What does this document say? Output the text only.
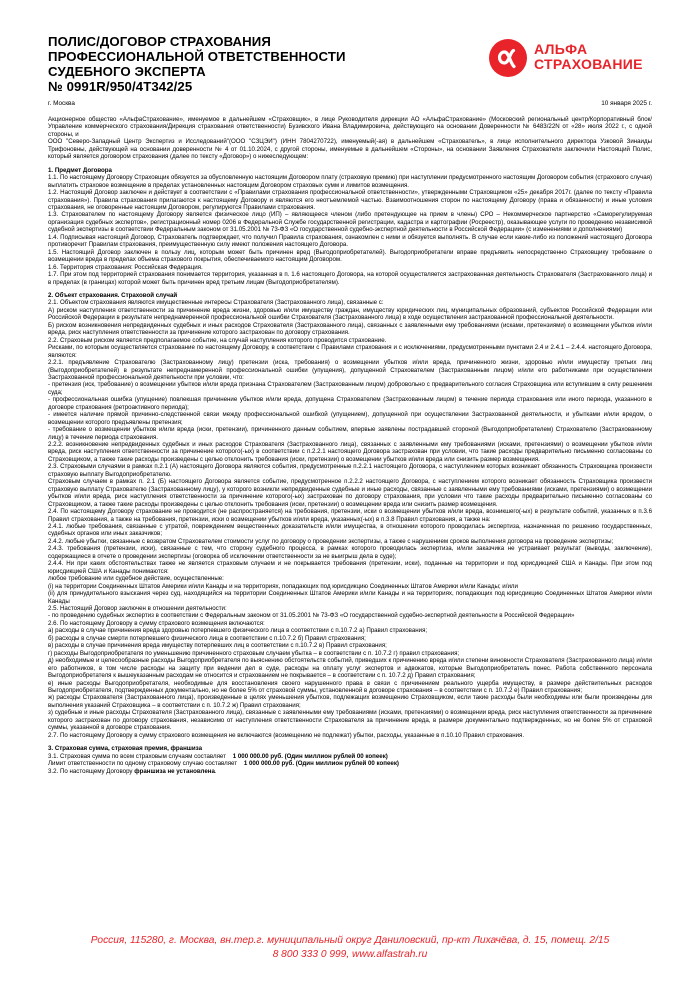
ПОЛИС/ДОГОВОР СТРАХОВАНИЯ
ПРОФЕССИОНАЛЬНОЙ ОТВЕТСТВЕННОСТИ
СУДЕБНОГО ЭКСПЕРТА
№ 0991R/950/4T342/25
АЛЬФА
СТРАХОВАНИЕ
г. Москва	10 января 2025 г.

Акционерное общество «АльфаСтрахование», именуемое в дальнейшем «Страховщик», в лице Руководителя дирекции АО «АльфаСтрахование» (Московский региональный центр/Корпоративный блок/Управление коммерческого страхования/Дирекция страхования ответственности) Бузивского Ивана Владимировича, действующего на основании Доверенности № 6483/22N от «28» июля 2022 г., с одной стороны, и

ООО "Северо-Западный Центр Экспертиз и Исследований"(ООО "СЗЦЭИ") (ИНН 7804270722), именуемый(-ая) в дальнейшем «Страхователь», в лице исполнительного директора Узковой Зинаиды Трифоновны, действующей на основании доверенности № 4 от 01.10.2024, с другой стороны, именуемые в дальнейшем «Стороны», на основании Заявления Страхователя заключили Настоящий Полис, который является договором страхования (далее по тексту «Договор») о нижеследующем:

1. Предмет Договора

1.1. По настоящему Договору Страховщик обязуется за обусловленную настоящим Договором плату (страховую премию) при наступлении предусмотренного настоящим Договором события (страхового случая) выплатить страховое возмещение в пределах установленных настоящим Договором страховых сумм и лимитов возмещения.

1.2. Настоящий Договор заключен и действует в соответствии с «Правилами страхования профессиональной ответственности», утвержденными Страховщиком «25» декабря 2017г. (далее по тексту «Правила страхования»). Правила страхования прилагаются к настоящему Договору и являются его неотъемлемой частью. Взаимоотношения сторон по настоящему Договору (права и обязанности) и иные условия страхования, не оговоренные настоящим Договором, регулируются Правилами страхования.

1.3. Страхователем по настоящему Договору является физическое лицо (ИП) – являющееся членом (либо претендующее на прием в члены) СРО – Некоммерческое партнерство «Саморегулируемая организация судебных экспертов», регистрационный номер 0206 в Федеральной Службе государственной регистрации, кадастра и картографии (Росреестр), оказывающее услуги по проведению независимой судебной экспертизы в соответствии Федеральным законом от 31.05.2001 № 73-ФЗ «О государственной судебно-экспертной деятельности в Российской Федерации» (с изменениями и дополнениями)

1.4. Подписывая настоящий Договор, Страхователь подтверждает, что получил Правила страхования, ознакомлен с ними и обязуется выполнять. В случае если какие-либо из положений настоящего Договора противоречит Правилам страхования, преимущественную силу имеют положения настоящего Договора.

1.5. Настоящий Договор заключен в пользу лиц, которым может быть причинен вред (Выгодоприобретателей). Выгодоприобретатели вправе предъявить непосредственно Страховщику требование о возмещении вреда в пределах объема страхового покрытия, обеспечиваемого настоящим Договором.

1.6. Территория страхования: Российская Федерация.

1.7. При этом под территорией страхования понимается территория, указанная в п. 1.6 настоящего Договора, на которой осуществляется застрахованная деятельность Страхователя (Застрахованного лица) и в пределах (в границах) которой может быть причинен вред третьим лицам (Выгодоприобретателям).

2. Объект страхования. Страховой случай

2.1. Объектом страхования являются имущественные интересы Страхователя (Застрахованного лица), связанные с:

А) риском наступления ответственности за причинение вреда жизни, здоровью и/или имуществу граждан, имуществу юридических лиц, муниципальных образований, субъектов Российской Федерации или Российской Федерации в результате непреднамеренной профессиональной ошибки Страхователя (Застрахованного лица) в ходе осуществления застрахованной профессиональной деятельности.

Б) риском возникновения непредвиденных судебных и иных расходов Страхователя (Застрахованного лица), связанных с заявленными ему требованиями (исками, претензиями) о возмещении убытков и/или вреда, риск наступления ответственности за причинение которого застрахован по договору страхования.

2.2. Страховым риском является предполагаемое событие, на случай наступления которого проводится страхование.

Рисками, по которым осуществляется страхование по настоящему Договору, в соответствии с Правилами страхования и с исключениями, предусмотренными пунктами 2.4 и 2.4.1 – 2.4.4. настоящего Договора, являются:

2.2.1. предъявление Страхователю (Застрахованному лицу) претензии (иска, требования) о возмещении убытков и/или вреда, причиненного жизни, здоровью и/или имуществу третьих лиц (Выгодоприобретателей) в результате непреднамеренной профессиональной ошибки (упущения), допущенной Страхователем (Застрахованным лицом) и/или его работниками при осуществлении Застрахованной профессиональной деятельности при условии, что:

- претензия (иск, требование) о возмещении убытков и/или вреда признана Страхователем (Застрахованным лицом) добровольно с предварительного согласия Страховщика или вступившим в силу решением суда;

- профессиональная ошибка (упущение) повлекшая причинение убытков и/или вреда, допущена Страхователем (Застрахованным лицом) в течение периода страхования или иного периода, указанного в договоре страхования (ретроактивного периода);

- имеется наличие прямой причинно-следственной связи между профессиональной ошибкой (упущением), допущенной при осуществлении Застрахованной деятельности, и убытками и/или вредом, о возмещении которого предъявлены претензия;

- требование о возмещении убытков и/или вреда (иски, претензии), причиненного данным событием, впервые заявлены пострадавшей стороной (Выгодоприобретателем) Страхователю (Застрахованному лицу) в течение периода страхования.

2.2.2. возникновение непредвиденных судебных и иных расходов Страхователя (Застрахованного лица), связанных с заявленными ему требованиями (исками, претензиями) о возмещении убытков и/или вреда, риск наступления ответственности за причинение которого(-ых) в соответствии с п.2.2.1 настоящего Договора застрахован при условии, что такие расходы предварительно письменно согласованы со Страховщиком, а также такие расходы произведены с целью отклонить требования (иски, претензии) о возмещении убытков и/или вреда или снизить размер возмещения.

2.3. Страховыми случаями в рамках п.2.1 (А) настоящего Договора являются события, предусмотренные п.2.2.1 настоящего Договора, с наступлением которых возникает обязанность Страховщика произвести страховую выплату Выгодоприобретателю.

Страховым случаем в рамках п. 2.1 (Б) настоящего Договора является событие, предусмотренное п.2.2.2 настоящего Договора, с наступлением которого возникает обязанность Страховщика произвести страховую выплату Страхователю (Застрахованному лицу), у которого возникли непредвиденные судебные и иные расходы, связанные с заявленными ему требованиями (исками, претензиями) о возмещении убытков и/или вреда, риск наступления ответственности за причинение которого(-ых) застрахован по договору страхования, при условии что такие расходы предварительно письменно согласованы со Страховщиком, а также такие расходы произведены с целью отклонить требования (иски, претензии) о возмещении вреда или снизить размер возмещения.

2.4. По настоящему Договору страхование не проводится (не распространяется) на требования, претензии, иски о возмещении убытков и/или вреда, возникшего(-ых) в результате событий, указанных в п.3.6 Правил страхования, а также на требования, претензии, иски о возмещении убытков и/или вреда, указанных(-ых) в п.3.8 Правил страхования, а также на:

2.4.1. любые требования, связанные с утратой, повреждением вещественных доказательств и/или имущества, в отношении которого проводилась экспертиза, назначенная по решению государственных, судебных органов или иных заказчиков;

2.4.2. любые убытки, связанные с возвратом Страхователем стоимости услуг по договору о проведении экспертизы, а также с нарушением сроков выполнения договора на проведение экспертизы;

2.4.3. требования (претензии, иски), связанные с тем, что сторону судебного процесса, в рамках которого проводилась экспертиза, и/или заказчика не устраивает результат (выводы, заключение), содержащиеся в отчете о проведении экспертизы (оговорка об исключении ответственности за не выигрыш дела в суде);

2.4.4. Ни при каких обстоятельствах также не является страховым случаем и не покрывается требования (претензии, иски), поданные на территории и под юрисдикцией США и Канады. При этом под юрисдикцией США и Канады понимаются:

любое требование или судебное действие, осуществленные:

(i) на территории Соединенных Штатов Америки и/или Канады и на территориях, попадающих под юрисдикцию Соединенных Штатов Америки и/или Канады; и/или

(ii) для принудительного взыскания через суд, находящийся на территории Соединенных Штатов Америки и/или Канады и на территориях, попадающих под юрисдикцию Соединенных Штатов Америки и/или Канады

2.5. Настоящий Договор заключен в отношении деятельности:

- по проведению судебных экспертиз в соответствии с Федеральным законом от 31.05.2001 № 73-ФЗ «О государственной судебно-экспертной деятельности в Российской Федерации»

2.6. По настоящему Договору в сумму страхового возмещения включаются:

а) расходы в случае причинения вреда здоровью потерпевшего физического лица в соответствии с п.10.7.2 а) Правил страхования;

б) расходы в случае смерти потерпевшего физического лица в соответствии с п.10.7.2 б) Правил страхования;

в) расходы в случае причинения вреда имуществу потерпевших лиц в соответствии с п.10.7.2 в) Правил страхования;

г) расходы Выгодоприобретателя по уменьшению причиненного страховым случаем убытка – в соответствии с п. 10.7.2 г) правил страхования;

д) необходимые и целесообразные расходы Выгодоприобретателя по выяснению обстоятельств событий, приведших к причинению вреда и/или степени виновности Страхователя (Застрахованного лица) и/или его работников, в том числе расходы на защиту при ведении дел в суде, расходы на оплату услуг экспертов и адвокатов, которые Выгодоприобретатель понес. Работа собственного персонала Выгодоприобретателя к вышеуказанным расходам не относится и страхованием не покрывается – в соответствии с п. 10.7.2 д) Правил страхования;

е) иные расходы Выгодоприобретателя, необходимые для восстановления своего нарушенного права в связи с причинением реального ущерба имуществу, в размере действительных расходов Выгодоприобретателя, подтвержденных документально, но не более 5% от страховой суммы, установленной в договоре страхования – в соответствии с п. 10.7.2 е) Правил страхования;

ж) расходы Страхователя (Застрахованного лица), произведенные в целях уменьшения убытков, подлежащих возмещению Страховщиком, если такие расходы были необходимы или были произведены для выполнения указаний Страховщика – в соответствии с п. 10.7.2 ж) Правил страхования;

з) судебные и иные расходы Страхователя (Застрахованного лица), связанные с заявленными ему требованиями (исками, претензиями) о возмещении вреда, риск наступления ответственности за причинение которого застрахован по договору страхования, независимо от наступления ответственности Страхователя за причинение вреда, в размере документально подтвержденных, но не более 5% от страховой суммы, указанной в договоре страхования.

2.7. По настоящему Договору в сумму страхового возмещения не включаются (возмещению не подлежат) убытки, расходы, указанные в п.10.10 Правил страхования.

3. Страховая сумма, страховая премия, франшиза

3.1. Страховая сумма по всем страховым случаям составляет 1 000 000.00 руб. (Один миллион рублей 00 копеек)

Лимит ответственности по одному страховому случаю составляет 1 000 000.00 руб. (Один миллион рублей 00 копеек)

3.2. По настоящему Договору франшиза не установлена.

Россия, 115280, г. Москва, вн.тер.г. муниципальный округ Даниловский, пр-кт Лихачёва, д. 15, помещ. 2/15
8 800 333 0 999, www.alfastrah.ru
